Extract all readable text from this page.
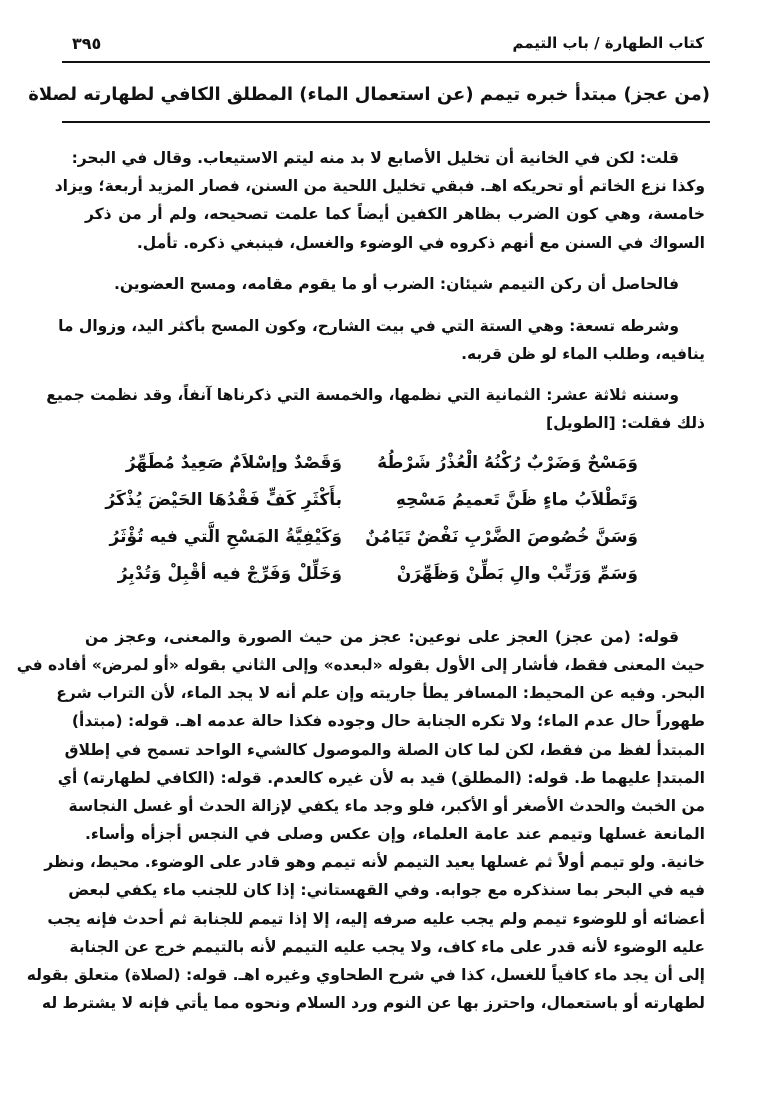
كتاب الطهارة / باب التيمم
٣٩٥
(من عجز) مبتدأ خبره تيمم (عن استعمال الماء) المطلق الكافي لطهارته لصلاة
قلت: لكن في الخانية أن تخليل الأصابع لا بد منه ليتم الاستيعاب. وقال في البحر:
وكذا نزع الخاتم أو تحريكه اهـ. فبقي تخليل اللحية من السنن، فصار المزيد أربعة؛ ويزاد
خامسة، وهي كون الضرب بظاهر الكفين أيضاً كما علمت تصحيحه، ولم أر من ذكر
السواك في السنن مع أنهم ذكروه في الوضوء والغسل، فينبغي ذكره. تأمل.
فالحاصل أن ركن التيمم شيئان: الضرب أو ما يقوم مقامه، ومسح العضوين.
وشرطه تسعة: وهي الستة التي في بيت الشارح، وكون المسح بأكثر اليد، وزوال ما
ينافيه، وطلب الماء لو ظن قربه.
وسننه ثلاثة عشر: الثمانية التي نظمها، والخمسة التي ذكرناها آنفاً، وقد نظمت جميع
ذلك فقلت: [الطويل]
وَمَسْحٌ وَضَرْبٌ رُكْنُهُ الْعُذْرُ شَرْطُهُ
وَقَصْدٌ وإسْلاَمٌ صَعِيدٌ مُطَهِّرُ
وَتَطْلاَبُ ماءٍ ظَنَّ تَعميمُ مَسْحِهِ
بأَكْثَرِ كَفٍّ فَقْدُهَا الحَيْضَ يُذْكَرُ
وَسَنَّ خُصُوصَ الضَّرْبِ نَفْضٌ تَيَامُنٌ
وَكَيْفِيَّةُ المَسْحِ الَّتي فيه تُؤْثَرُ
وَسَمِّ وَرَتِّبْ والِ بَطِّنْ وَظَهِّرَنْ
وَخَلِّلْ وَفَرِّجْ فيه أقْبِلْ وَتُدْبِرُ
قوله: (من عجز) العجز على نوعين: عجز من حيث الصورة والمعنى، وعجز من
حيث المعنى فقط، فأشار إلى الأول بقوله «لبعده» وإلى الثاني بقوله «أو لمرض» أفاده في
البحر. وفيه عن المحيط: المسافر يطأ جاريته وإن علم أنه لا يجد الماء، لأن التراب شرع
طهوراً حال عدم الماء؛ ولا تكره الجنابة حال وجوده فكذا حالة عدمه اهـ. قوله: (مبتدأ)
المبتدأ لفظ من فقط، لكن لما كان الصلة والموصول كالشيء الواحد تسمح في إطلاق
المبتدإ عليهما ط. قوله: (المطلق) قيد به لأن غيره كالعدم. قوله: (الكافي لطهارته) أي
من الخبث والحدث الأصغر أو الأكبر، فلو وجد ماء يكفي لإزالة الحدث أو غسل النجاسة
المانعة غسلها وتيمم عند عامة العلماء، وإن عكس وصلى في النجس أجزأه وأساء.
خانية. ولو تيمم أولاً ثم غسلها يعيد التيمم لأنه تيمم وهو قادر على الوضوء. محيط، ونظر
فيه في البحر بما سنذكره مع جوابه. وفي القهستاني: إذا كان للجنب ماء يكفي لبعض
أعضائه أو للوضوء تيمم ولم يجب عليه صرفه إليه، إلا إذا تيمم للجنابة ثم أحدث فإنه يجب
عليه الوضوء لأنه قدر على ماء كاف، ولا يجب عليه التيمم لأنه بالتيمم خرج عن الجنابة
إلى أن يجد ماء كافياً للغسل، كذا في شرح الطحاوي وغيره اهـ. قوله: (لصلاة) متعلق بقوله
لطهارته أو باستعمال، واحترز بها عن النوم ورد السلام ونحوه مما يأتي فإنه لا يشترط له
